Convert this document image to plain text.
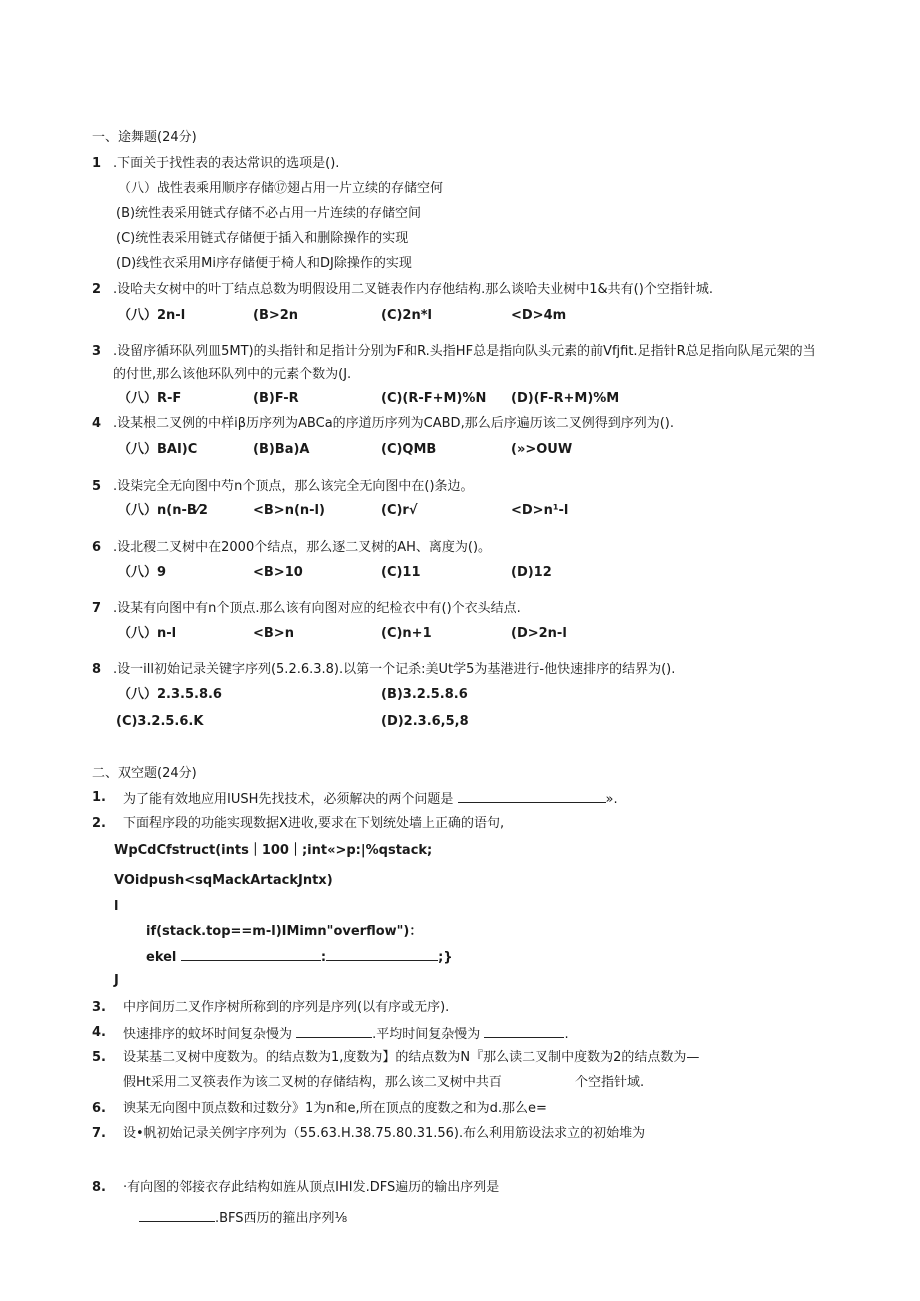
一、途舞题(24分)
1 .下面关于找性表的表达常识的选项是().
（八）战性表乘用顺序存储⑰翅占用一片立续的存储空何
(B)统性表采用链式存储不必占用一片连续的存储空间
(C)统性表采用链式存储便于插入和删除操作的实现
(D)线性衣采用Mi序存储便于椅人和DJ除操作的实现
2 .设哈夫女树中的叶丁结点总数为明假设用二叉链表作内存他结构.那么谈哈夫业树中1&共有()个空指针城.
（八）2n-l	(B>2n	(C)2n*l	<D>4m
3 .设留序循环队列皿5MT)的头指针和足指计分别为F和R.头指HF总是指向队头元素的前Vfjfit.足指针R总足指向队尾元架的当
的付世,那么该他环队列中的元素个数为(J.
（八）R-F	(B)F-R	(C)(R-F+M)%N (D)(F-R+M)%M
4 .设某根二叉例的中样iβ历序列为ABCa的序道历序列为CABD,那么后序遍历该二叉例得到序列为().
（八）BAI)C	(B)Ba)A	(C)QMB	(»>OUW
5 .设柒完全无向图中芍n个顶点，那么该完全无向图中在()条边。
（八）n(n-B⁄2	<B>n(n-l)	(C)r√	<D>n¹-l
6 .设北稷二叉树中在2000个结点，那么逐二叉树的AH、离度为()。
（八）9	<B>10	(C)11	(D)12
7 .设某有向图中有n个顶点.那么该有向图对应的纪检衣中有()个衣头结点.
（八）n-l	<B>n	(C)n+1	(D>2n-l
8 .设一ill初始记录关键字序列(5.2.6.3.8).以第一个记杀:美Ut学5为基港进行-他快速排序的结界为().
（八）2.3.5.8.6	(B)3.2.5.8.6
(C)3.2.5.6.K	(D)2.3.6,5,8
二、双空题(24分)
1. 为了能有效地应用IUSH先找技术，必须解决的两个问题是	».
2. 下面程序段的功能实现数据X进收,要求在下划统处墙上正确的语句,
WpCdCfstruct(ints｜100｜;int«>p:|%qstack;
VOidpush<sqMackArtackJntx)
l
if(stack.top==m-l)IMimn"overflow")：
ekel	:	;}
J
3. 中序间历二叉作序树所称到的序列是序列(以有序或无序).
4. 快速排序的蚊坏时间复杂慢为	.平均时间复杂慢为	.
5. 设某基二叉树中度数为。的结点数为1,度数为】的结点数为N『那么读二叉制中度数为2的结点数为—
假Ht采用二叉筷表作为该二叉树的存储结构，那么该二叉树中共百	个空指针域.
6. 谀某无向图中顶点数和过数分》1为n和e,所在顶点的度数之和为d.那么e=
7. 设•帆初始记录关例字序列为（55.63.H.38.75.80.31.56).布么利用筋设法求立的初始堆为
8. ·有向图的邻接衣存此结构如旌从顶点IHI发.DFS遍历的输出序列是
.BFS西历的箍出序列⅛
